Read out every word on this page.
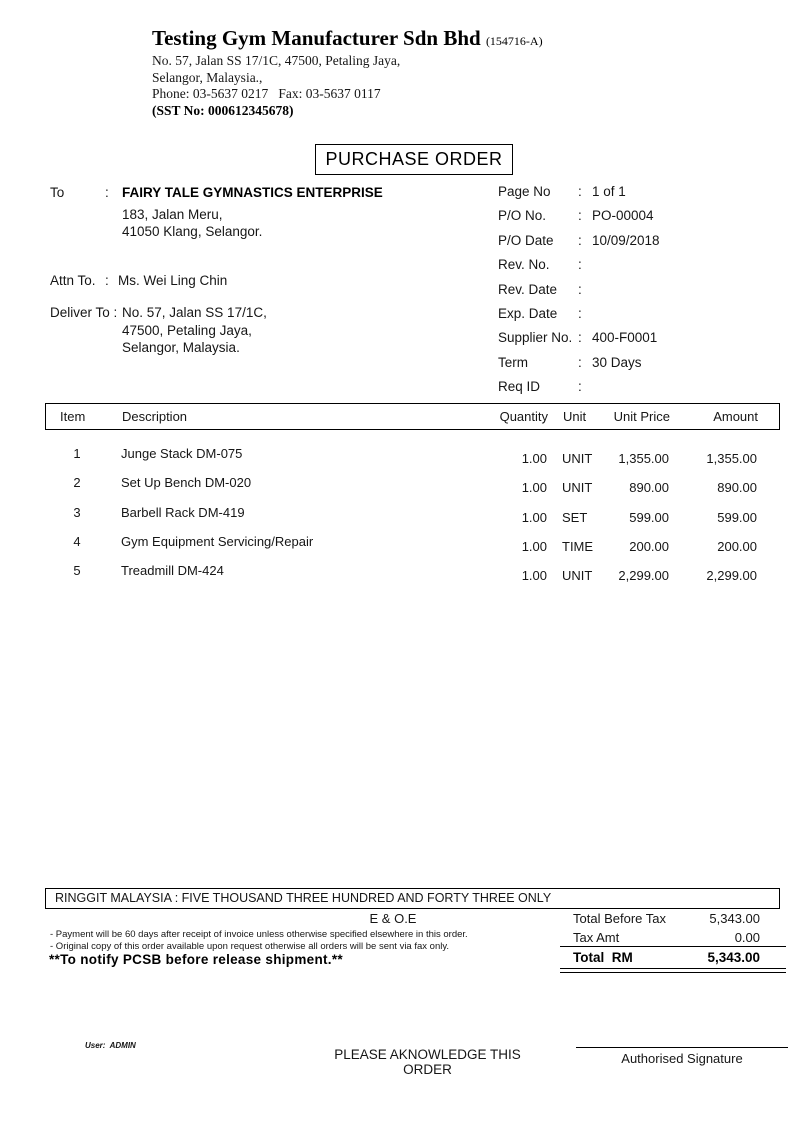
Testing Gym Manufacturer Sdn Bhd (154716-A)
No. 57, Jalan SS 17/1C, 47500, Petaling Jaya,
Selangor, Malaysia.,
Phone: 03-5637 0217   Fax: 03-5637 0117
(SST No: 000612345678)
PURCHASE ORDER
To	: FAIRY TALE GYMNASTICS ENTERPRISE
183, Jalan Meru,
41050 Klang, Selangor.
Attn To. : Ms. Wei Ling Chin
Deliver To : No. 57, Jalan SS 17/1C,
47500, Petaling Jaya,
Selangor, Malaysia.
Page No : 1 of 1
P/O No. : PO-00004
P/O Date : 10/09/2018
Rev. No. :
Rev. Date :
Exp. Date :
Supplier No. : 400-F0001
Term	: 30 Days
Req ID	:
Item	Description	Quantity Unit Unit Price	Amount
1	Junge Stack DM-075	1.00 UNIT 1,355.00	1,355.00
2	Set Up Bench DM-020	1.00 UNIT	890.00	890.00
3	Barbell Rack DM-419	1.00 SET	599.00	599.00
4	Gym Equipment Servicing/Repair	1.00 TIME	200.00	200.00
5	Treadmill DM-424	1.00 UNIT 2,299.00	2,299.00
RINGGIT MALAYSIA : FIVE THOUSAND THREE HUNDRED AND FORTY THREE ONLY
E & O.E
- Payment will be 60 days after receipt of invoice unless otherwise specified elsewhere in this order.
- Original copy of this order available upon request otherwise all orders will be sent via fax only.
**To notify PCSB before release shipment.**
Total Before Tax	5,343.00
Tax Amt	0.00
Total  RM	5,343.00
User:  ADMIN
PLEASE AKNOWLEDGE THIS ORDER
Authorised Signature
